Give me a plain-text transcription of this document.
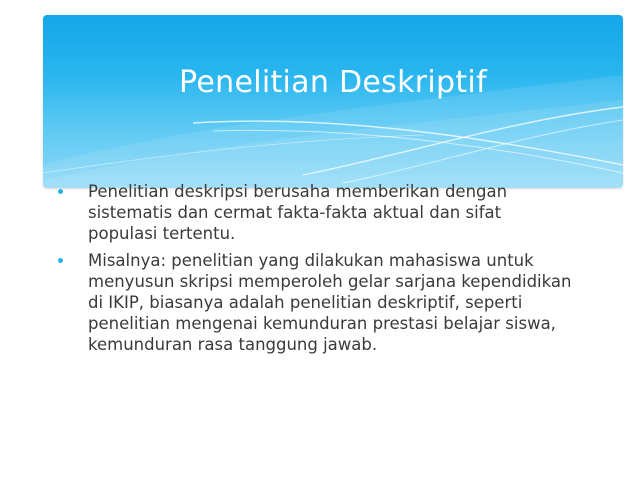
Penelitian Deskriptif
Penelitian deskripsi berusaha memberikan dengan sistematis dan cermat fakta-fakta aktual dan sifat populasi tertentu.
Misalnya: penelitian yang dilakukan mahasiswa untuk menyusun skripsi memperoleh gelar sarjana kependidikan di IKIP, biasanya adalah penelitian deskriptif, seperti penelitian mengenai kemunduran prestasi belajar siswa, kemunduran rasa tanggung jawab.
